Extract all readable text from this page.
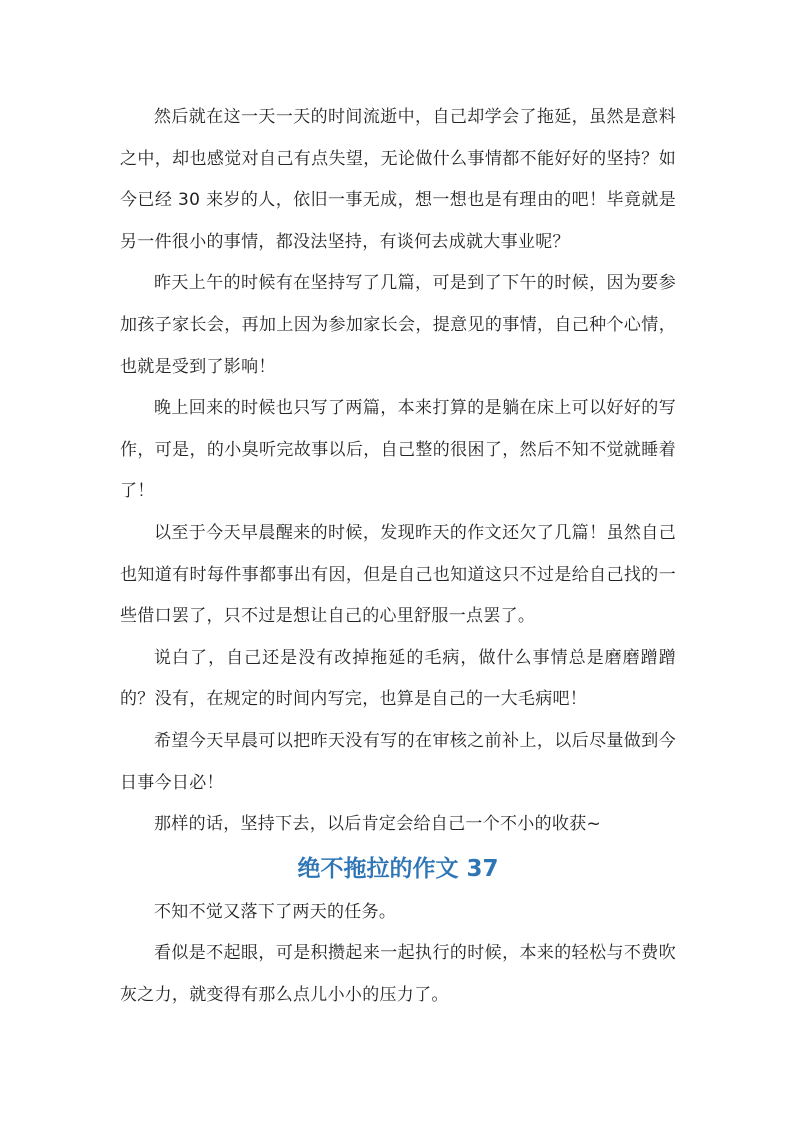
然后就在这一天一天的时间流逝中，自己却学会了拖延，虽然是意料之中，却也感觉对自己有点失望，无论做什么事情都不能好好的坚持？如今已经 30 来岁的人，依旧一事无成，想一想也是有理由的吧！毕竟就是另一件很小的事情，都没法坚持，有谈何去成就大事业呢？

昨天上午的时候有在坚持写了几篇，可是到了下午的时候，因为要参加孩子家长会，再加上因为参加家长会，提意见的事情，自己种个心情，也就是受到了影响！

晚上回来的时候也只写了两篇，本来打算的是躺在床上可以好好的写作，可是，的小臭听完故事以后，自己整的很困了，然后不知不觉就睡着了！

以至于今天早晨醒来的时候，发现昨天的作文还欠了几篇！虽然自己也知道有时每件事都事出有因，但是自己也知道这只不过是给自己找的一些借口罢了，只不过是想让自己的心里舒服一点罢了。

说白了，自己还是没有改掉拖延的毛病，做什么事情总是磨磨蹭蹭的？没有，在规定的时间内写完，也算是自己的一大毛病吧！

希望今天早晨可以把昨天没有写的在审核之前补上，以后尽量做到今日事今日必！

那样的话，坚持下去，以后肯定会给自己一个不小的收获~

绝不拖拉的作文 37

不知不觉又落下了两天的任务。

看似是不起眼，可是积攒起来一起执行的时候，本来的轻松与不费吹灰之力，就变得有那么点儿小小的压力了。
